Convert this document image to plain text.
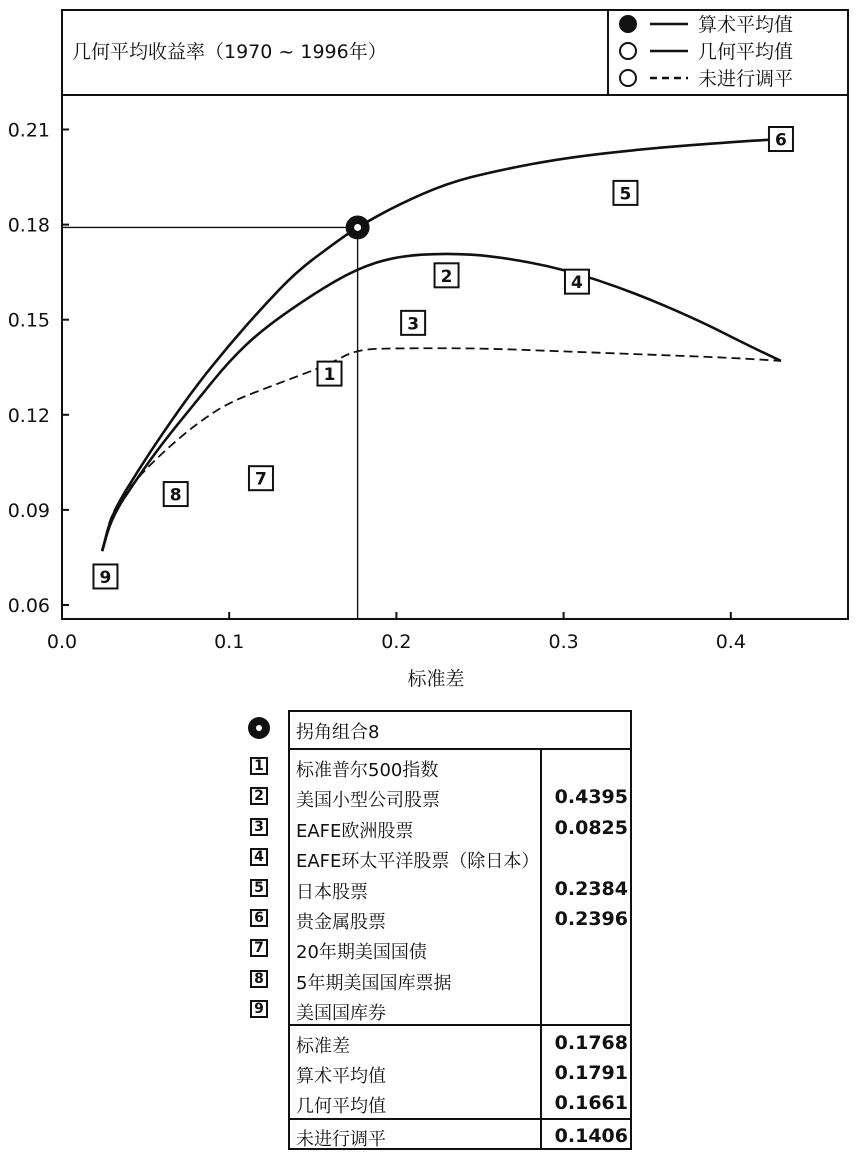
几何平均收益率（1970 ~ 1996年）
算术平均值
几何平均值
未进行调平
0.0	0.1	0.2	0.3	0.4
0.06
0.09
0.12
0.15
0.18
0.21
1
2
3
4
5
6
7
8
9
标准差
拐角组合8
1 标准普尔500指数
2 美国小型公司股票	0.4395
3 EAFE欧洲股票	0.0825
4 EAFE环太平洋股票（除日本）
5 日本股票	0.2384
6 贵金属股票	0.2396
7 20年期美国国债
8 5年期美国国库票据
9 美国国库券
标准差	0.1768
算术平均值	0.1791
几何平均值	0.1661
未进行调平	0.1406
